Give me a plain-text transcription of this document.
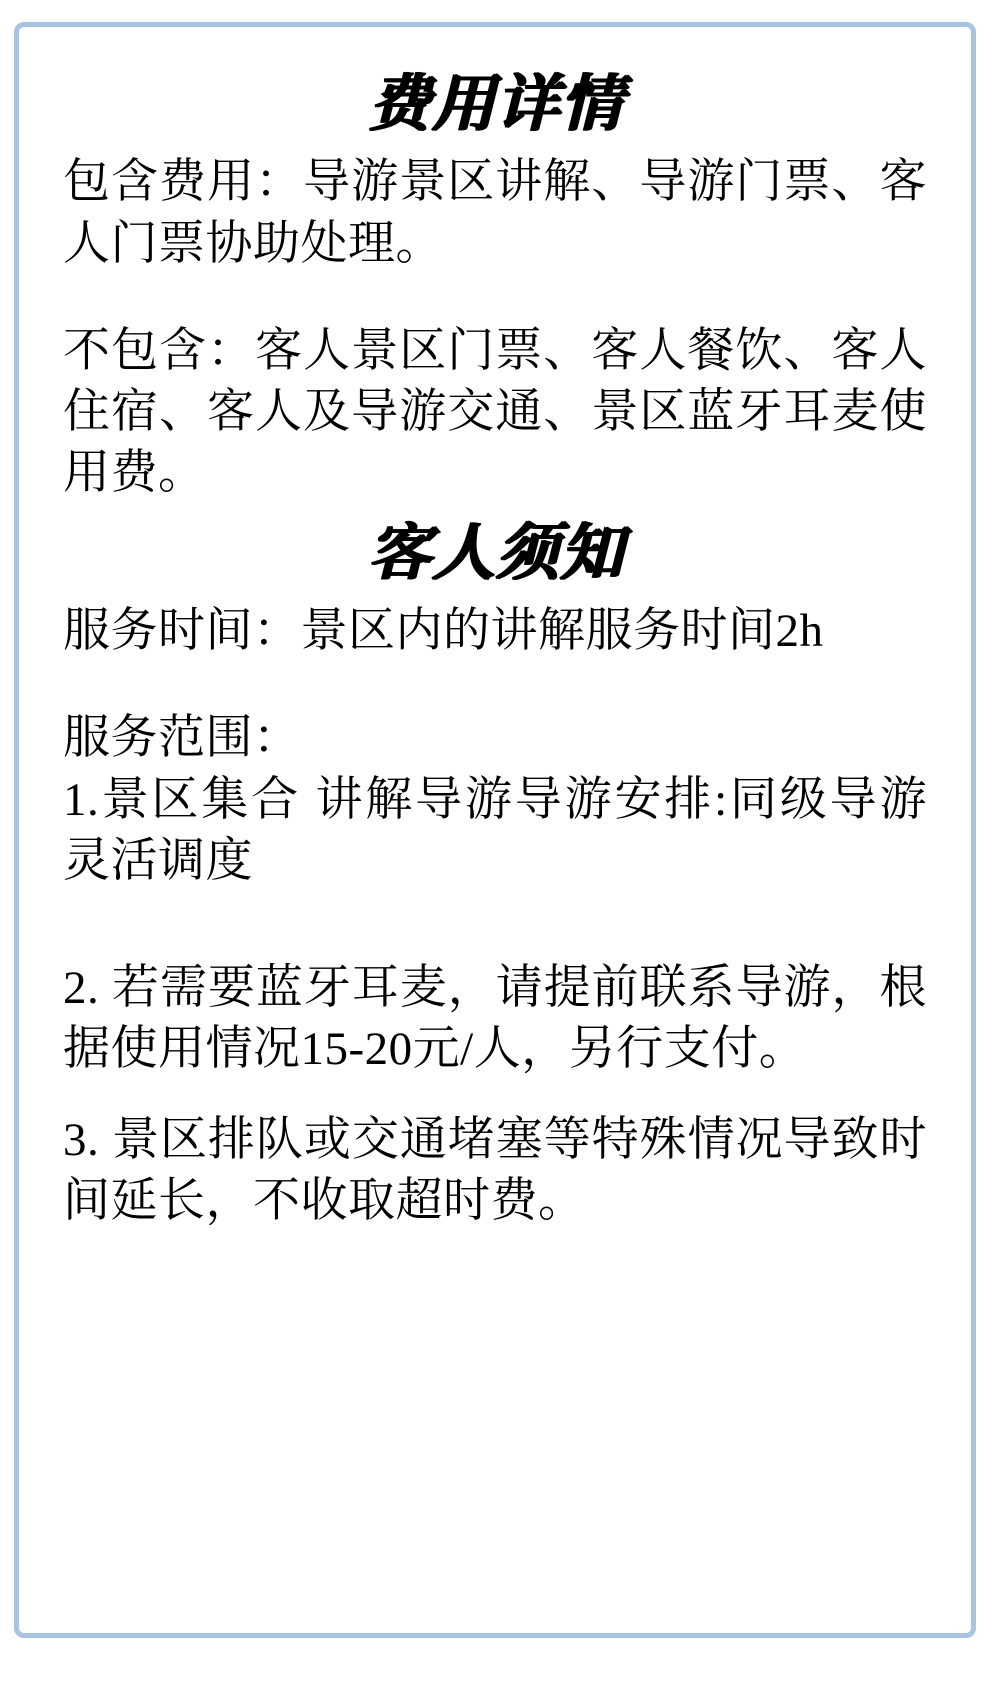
费用详情

包含费用：导游景区讲解、导游门票、客人门票协助处理。

不包含：客人景区门票、客人餐饮、客人住宿、客人及导游交通、景区蓝牙耳麦使用费。

客人须知

服务时间：景区内的讲解服务时间2h

服务范围：

1.景区集合 讲解导游导游安排:同级导游灵活调度

2. 若需要蓝牙耳麦，请提前联系导游，根据使用情况15-20元/人，另行支付。

3. 景区排队或交通堵塞等特殊情况导致时间延长，不收取超时费。
